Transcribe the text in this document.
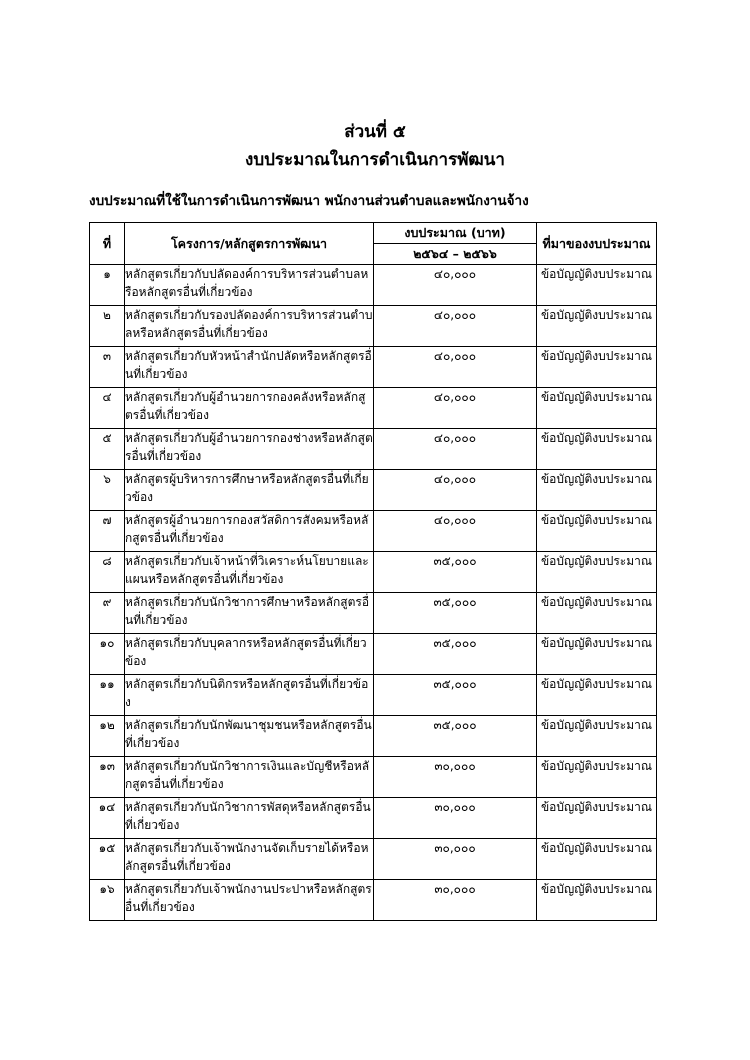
ส่วนที่ ๕
งบประมาณในการดำเนินการพัฒนา
งบประมาณที่ใช้ในการดำเนินการพัฒนา พนักงานส่วนตำบลและพนักงานจ้าง
ที่	โครงการ/หลักสูตรการพัฒนา	งบประมาณ (บาท)	ที่มาของงบประมาณ
		๒๕๖๔ – ๒๕๖๖	
๑	หลักสูตรเกี่ยวกับปลัดองค์การบริหารส่วนตำบลหรือหลักสูตรอื่นที่เกี่ยวข้อง	๔๐,๐๐๐	ข้อบัญญัติงบประมาณ
๒	หลักสูตรเกี่ยวกับรองปลัดองค์การบริหารส่วนตำบลหรือหลักสูตรอื่นที่เกี่ยวข้อง	๔๐,๐๐๐	ข้อบัญญัติงบประมาณ
๓	หลักสูตรเกี่ยวกับหัวหน้าสำนักปลัดหรือหลักสูตรอื่นที่เกี่ยวข้อง	๔๐,๐๐๐	ข้อบัญญัติงบประมาณ
๔	หลักสูตรเกี่ยวกับผู้อำนวยการกองคลังหรือหลักสูตรอื่นที่เกี่ยวข้อง	๔๐,๐๐๐	ข้อบัญญัติงบประมาณ
๕	หลักสูตรเกี่ยวกับผู้อำนวยการกองช่างหรือหลักสูตรอื่นที่เกี่ยวข้อง	๔๐,๐๐๐	ข้อบัญญัติงบประมาณ
๖	หลักสูตรผู้บริหารการศึกษาหรือหลักสูตรอื่นที่เกี่ยวข้อง	๔๐,๐๐๐	ข้อบัญญัติงบประมาณ
๗	หลักสูตรผู้อำนวยการกองสวัสดิการสังคมหรือหลักสูตรอื่นที่เกี่ยวข้อง	๔๐,๐๐๐	ข้อบัญญัติงบประมาณ
๘	หลักสูตรเกี่ยวกับเจ้าหน้าที่วิเคราะห์นโยบายและแผนหรือหลักสูตรอื่นที่เกี่ยวข้อง	๓๕,๐๐๐	ข้อบัญญัติงบประมาณ
๙	หลักสูตรเกี่ยวกับนักวิชาการศึกษาหรือหลักสูตรอื่นที่เกี่ยวข้อง	๓๕,๐๐๐	ข้อบัญญัติงบประมาณ
๑๐	หลักสูตรเกี่ยวกับบุคลากรหรือหลักสูตรอื่นที่เกี่ยวข้อง	๓๕,๐๐๐	ข้อบัญญัติงบประมาณ
๑๑	หลักสูตรเกี่ยวกับนิติกรหรือหลักสูตรอื่นที่เกี่ยวข้อง	๓๕,๐๐๐	ข้อบัญญัติงบประมาณ
๑๒	หลักสูตรเกี่ยวกับนักพัฒนาชุมชนหรือหลักสูตรอื่นที่เกี่ยวข้อง	๓๕,๐๐๐	ข้อบัญญัติงบประมาณ
๑๓	หลักสูตรเกี่ยวกับนักวิชาการเงินและบัญชีหรือหลักสูตรอื่นที่เกี่ยวข้อง	๓๐,๐๐๐	ข้อบัญญัติงบประมาณ
๑๔	หลักสูตรเกี่ยวกับนักวิชาการพัสดุหรือหลักสูตรอื่นที่เกี่ยวข้อง	๓๐,๐๐๐	ข้อบัญญัติงบประมาณ
๑๕	หลักสูตรเกี่ยวกับเจ้าพนักงานจัดเก็บรายได้หรือหลักสูตรอื่นที่เกี่ยวข้อง	๓๐,๐๐๐	ข้อบัญญัติงบประมาณ
๑๖	หลักสูตรเกี่ยวกับเจ้าพนักงานประปาหรือหลักสูตรอื่นที่เกี่ยวข้อง	๓๐,๐๐๐	ข้อบัญญัติงบประมาณ
